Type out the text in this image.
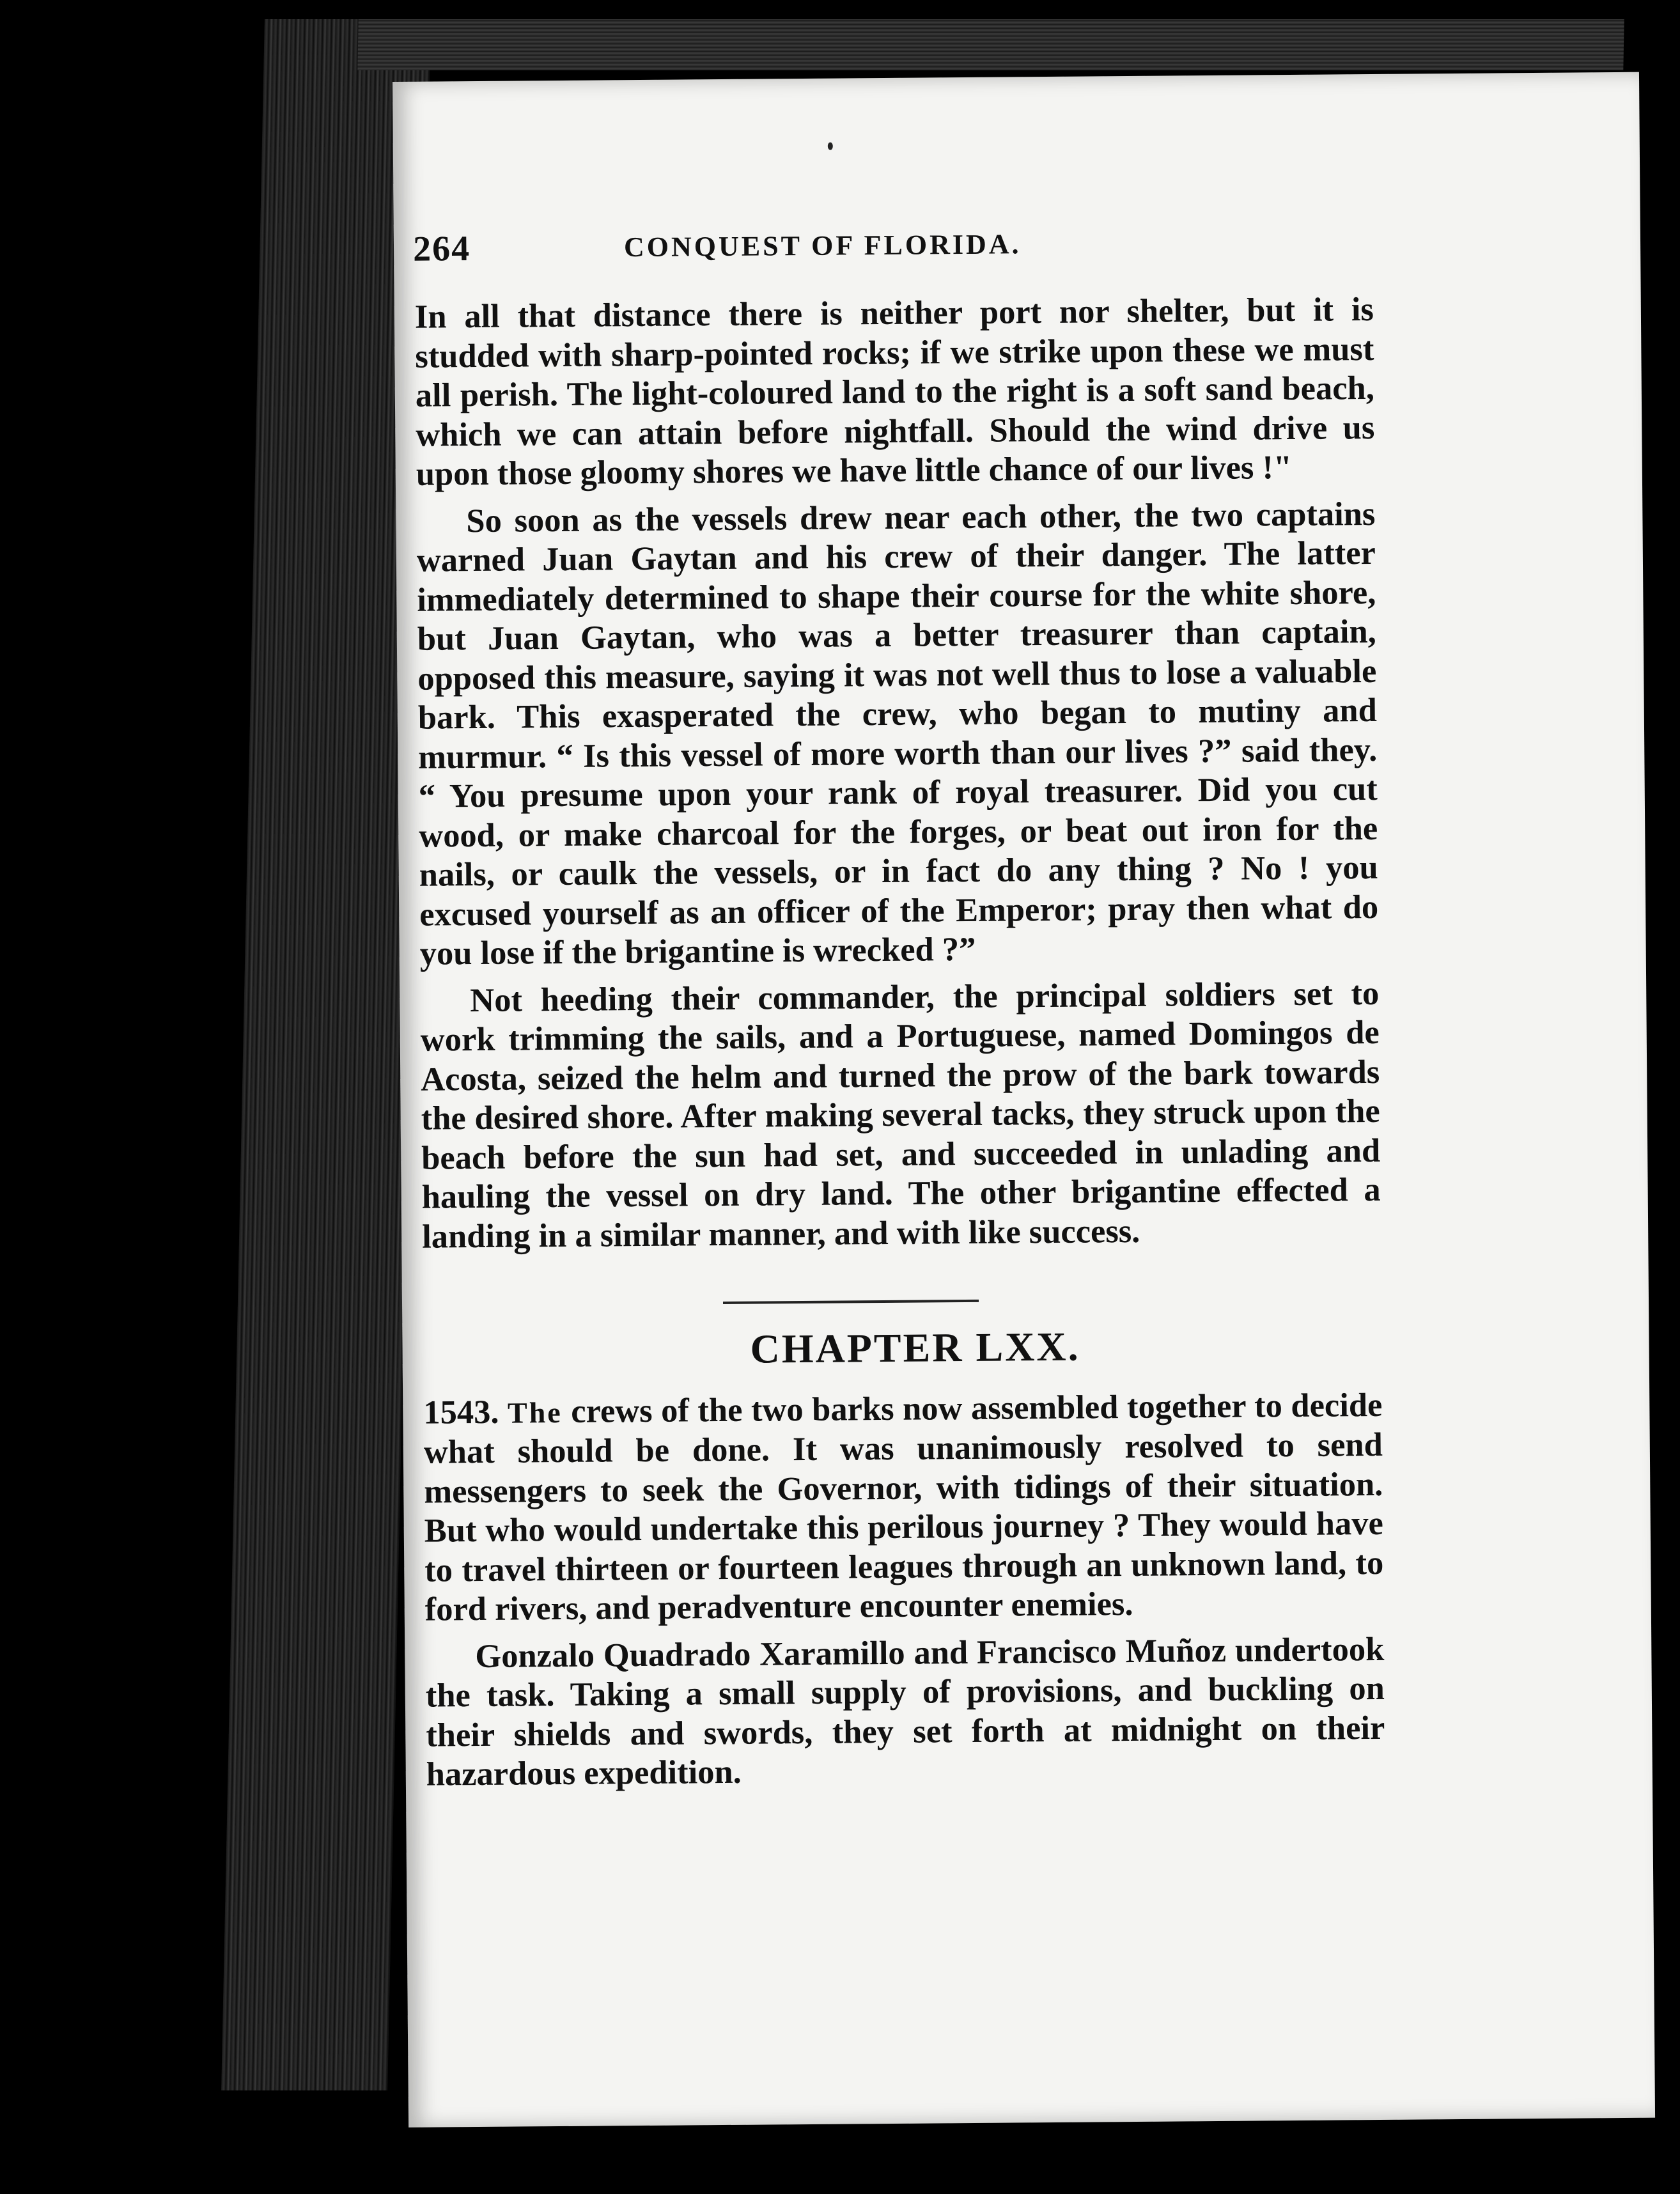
264	CONQUEST OF FLORIDA.

In all that distance there is neither port nor shelter, but it is studded with sharp-pointed rocks; if we strike upon these we must all perish. The light-coloured land to the right is a soft sand beach, which we can attain before nightfall. Should the wind drive us upon those gloomy shores we have little chance of our lives !"

So soon as the vessels drew near each other, the two captains warned Juan Gaytan and his crew of their danger. The latter immediately determined to shape their course for the white shore, but Juan Gaytan, who was a better treasurer than captain, opposed this measure, saying it was not well thus to lose a valuable bark. This exasperated the crew, who began to mutiny and murmur. “ Is this vessel of more worth than our lives ?” said they. “ You presume upon your rank of royal treasurer. Did you cut wood, or make charcoal for the forges, or beat out iron for the nails, or caulk the vessels, or in fact do any thing ? No ! you excused yourself as an officer of the Emperor; pray then what do you lose if the brigantine is wrecked ?”

Not heeding their commander, the principal soldiers set to work trimming the sails, and a Portuguese, named Domingos de Acosta, seized the helm and turned the prow of the bark towards the desired shore. After making several tacks, they struck upon the beach before the sun had set, and succeeded in unlading and hauling the vessel on dry land. The other brigantine effected a landing in a similar manner, and with like success.

CHAPTER LXX.

1543. The crews of the two barks now assembled together to decide what should be done. It was unanimously resolved to send messengers to seek the Governor, with tidings of their situation. But who would undertake this perilous journey ? They would have to travel thirteen or fourteen leagues through an unknown land, to ford rivers, and peradventure encounter enemies.

Gonzalo Quadrado Xaramillo and Francisco Muñoz undertook the task. Taking a small supply of provisions, and buckling on their shields and swords, they set forth at midnight on their hazardous expedition.
